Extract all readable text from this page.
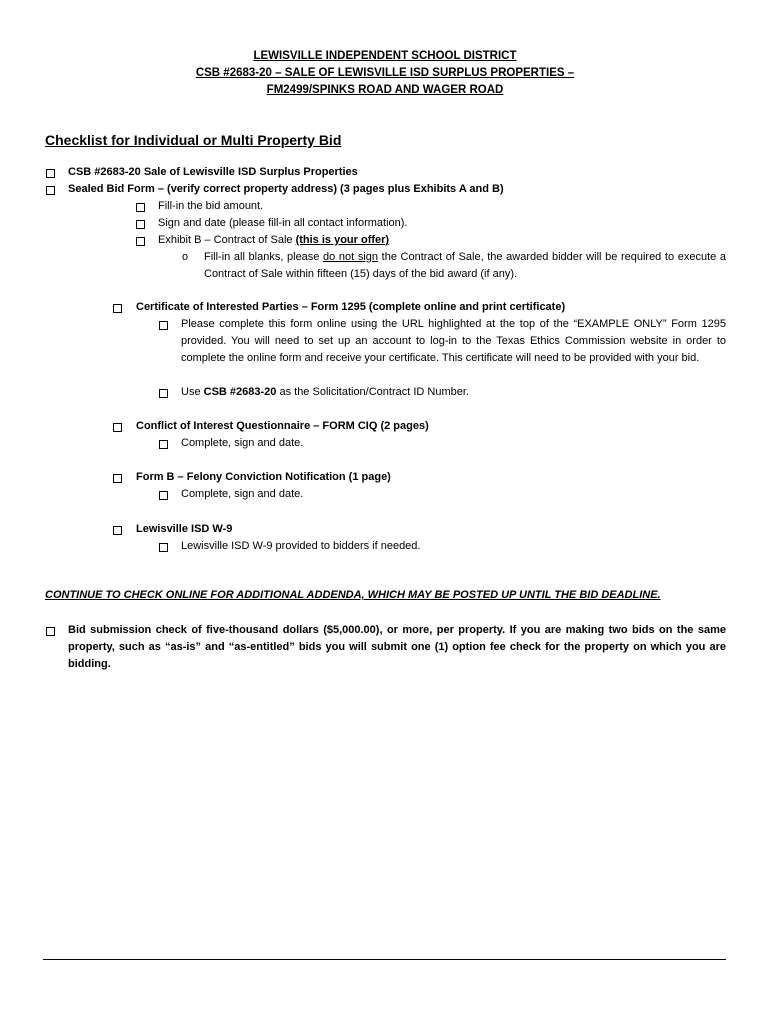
LEWISVILLE INDEPENDENT SCHOOL DISTRICT
CSB #2683-20 – SALE OF LEWISVILLE ISD SURPLUS PROPERTIES –
FM2499/SPINKS ROAD AND WAGER ROAD
Checklist for Individual or Multi Property Bid
CSB #2683-20 Sale of Lewisville ISD Surplus Properties
Sealed Bid Form – (verify correct property address) (3 pages plus Exhibits A and B)
Fill-in the bid amount.
Sign and date (please fill-in all contact information).
Exhibit B – Contract of Sale (this is your offer)
o Fill-in all blanks, please do not sign the Contract of Sale, the awarded bidder will be required to execute a Contract of Sale within fifteen (15) days of the bid award (if any).
Certificate of Interested Parties – Form 1295 (complete online and print certificate)
Please complete this form online using the URL highlighted at the top of the “EXAMPLE ONLY” Form 1295 provided. You will need to set up an account to log-in to the Texas Ethics Commission website in order to complete the online form and receive your certificate. This certificate will need to be provided with your bid.
Use CSB #2683-20 as the Solicitation/Contract ID Number.
Conflict of Interest Questionnaire – FORM CIQ (2 pages)
Complete, sign and date.
Form B – Felony Conviction Notification (1 page)
Complete, sign and date.
Lewisville ISD W-9
Lewisville ISD W-9 provided to bidders if needed.
CONTINUE TO CHECK ONLINE FOR ADDITIONAL ADDENDA, WHICH MAY BE POSTED UP UNTIL THE BID DEADLINE.
Bid submission check of five-thousand dollars ($5,000.00), or more, per property. If you are making two bids on the same property, such as “as-is” and “as-entitled” bids you will submit one (1) option fee check for the property on which you are bidding.
